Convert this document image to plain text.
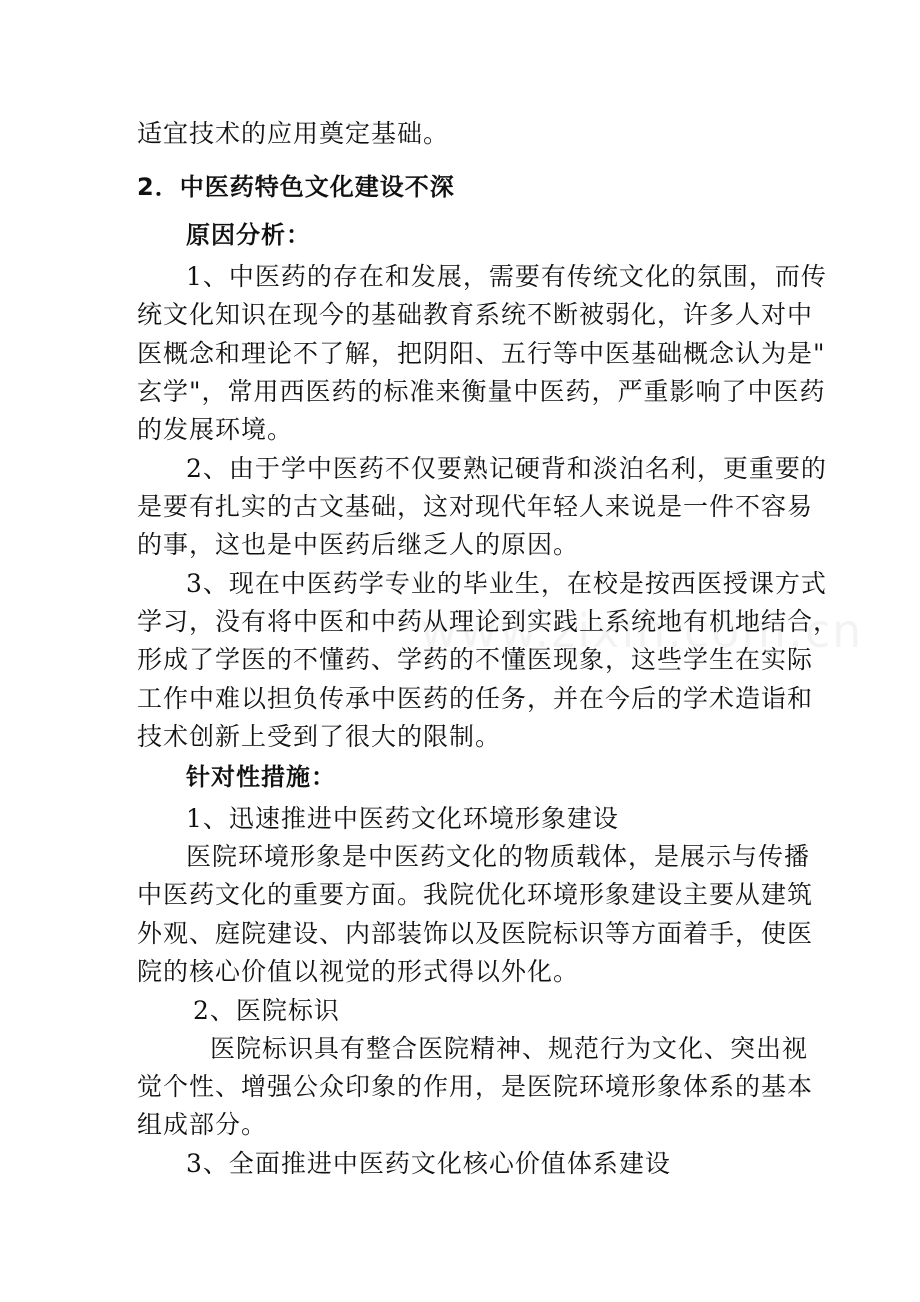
适宜技术的应用奠定基础。
2．中医药特色文化建设不深
原因分析：
1、中医药的存在和发展，需要有传统文化的氛围，而传
统文化知识在现今的基础教育系统不断被弱化，许多人对中
医概念和理论不了解，把阴阳、五行等中医基础概念认为是"
玄学"，常用西医药的标准来衡量中医药，严重影响了中医药
的发展环境。
2、由于学中医药不仅要熟记硬背和淡泊名利，更重要的
是要有扎实的古文基础，这对现代年轻人来说是一件不容易
的事，这也是中医药后继乏人的原因。
3、现在中医药学专业的毕业生，在校是按西医授课方式
学习，没有将中医和中药从理论到实践上系统地有机地结合，
形成了学医的不懂药、学药的不懂医现象，这些学生在实际
工作中难以担负传承中医药的任务，并在今后的学术造诣和
技术创新上受到了很大的限制。
针对性措施：
1、迅速推进中医药文化环境形象建设
医院环境形象是中医药文化的物质载体，是展示与传播
中医药文化的重要方面。我院优化环境形象建设主要从建筑
外观、庭院建设、内部装饰以及医院标识等方面着手，使医
院的核心价值以视觉的形式得以外化。
2、医院标识
医院标识具有整合医院精神、规范行为文化、突出视
觉个性、增强公众印象的作用，是医院环境形象体系的基本
组成部分。
3、全面推进中医药文化核心价值体系建设
